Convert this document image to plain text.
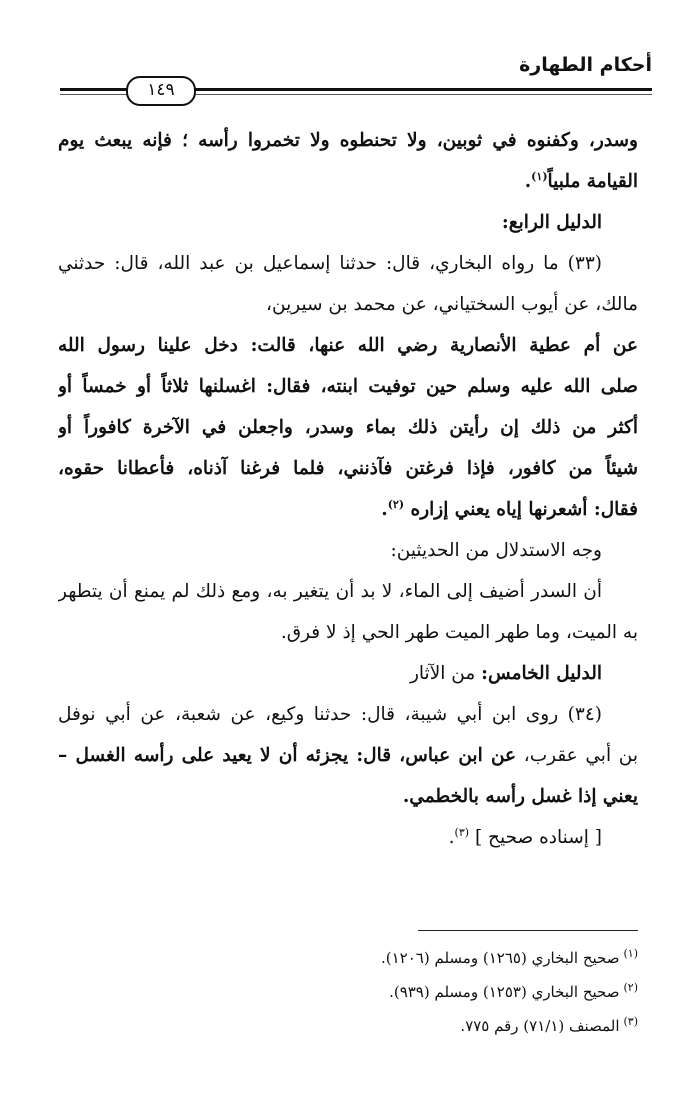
أحكام الطهارة
١٤٩
وسدر، وكفنوه في ثوبين، ولا تحنطوه ولا تخمروا رأسه ؛ فإنه يبعث يوم
القيامة ملبياً$^{(١)}$.
الدليل الرابع:
(٣٣) ما رواه البخاري، قال: حدثنا إسماعيل بن عبد الله، قال: حدثني
مالك، عن أيوب السختياني، عن محمد بن سيرين،
عن أم عطية الأنصارية رضي الله عنها، قالت: دخل علينا رسول الله
صلى الله عليه وسلم حين توفيت ابنته، فقال: اغسلنها ثلاثاً أو خمساً أو
أكثر من ذلك إن رأيتن ذلك بماء وسدر، واجعلن في الآخرة كافوراً أو
شيئاً من كافور، فإذا فرغتن فآذنني، فلما فرغنا آذناه، فأعطانا حقوه،
فقال: أشعرنها إياه يعني إزاره $^{(٢)}$.
وجه الاستدلال من الحديثين:
أن السدر أضيف إلى الماء، لا بد أن يتغير به، ومع ذلك لم يمنع أن يتطهر
به الميت، وما طهر الميت طهر الحي إذ لا فرق.
الدليل الخامس: من الآثار
(٣٤) روى ابن أبي شيبة، قال: حدثنا وكيع، عن شعبة، عن أبي نوفل
بن أبي عقرب، عن ابن عباس، قال: يجزئه أن لا يعيد على رأسه الغسل –
يعني إذا غسل رأسه بالخطمي.
[ إسناده صحيح ] $^{(٣)}$.
$^{(١)}$صحيح البخاري (١٢٦٥) ومسلم (١٢٠٦).
$^{(٢)}$صحيح البخاري (١٢٥٣) ومسلم (٩٣٩).
$^{(٣)}$المصنف (٧١/١) رقم ٧٧٥.
